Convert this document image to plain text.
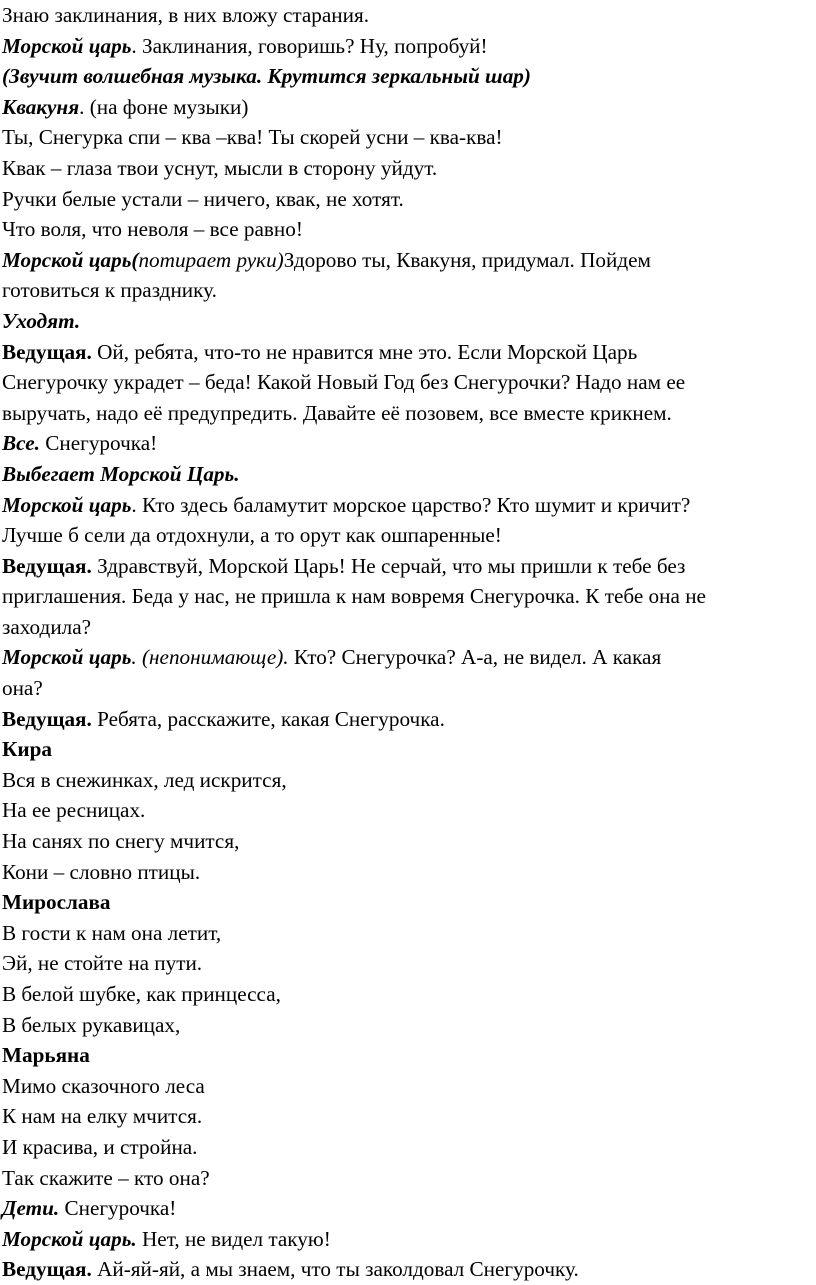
Знаю заклинания, в них вложу старания.
Морской царь. Заклинания, говоришь? Ну, попробуй!
(Звучит волшебная музыка. Крутится зеркальный шар)
Квакуня. (на фоне музыки)
Ты, Снегурка спи – ква –ква! Ты скорей усни – ква-ква!
Квак – глаза твои уснут, мысли в сторону уйдут.
Ручки белые устали – ничего, квак, не хотят.
Что воля, что неволя – все равно!
Морской царь(потирает руки)Здорово ты, Квакуня, придумал. Пойдем
готовиться к празднику.
Уходят.
Ведущая. Ой, ребята, что-то не нравится мне это. Если Морской Царь
Снегурочку украдет – беда! Какой Новый Год без Снегурочки? Надо нам ее
выручать, надо её предупредить. Давайте её позовем, все вместе крикнем.
Все. Снегурочка!
Выбегает Морской Царь.
Морской царь. Кто здесь баламутит морское царство? Кто шумит и кричит?
Лучше б сели да отдохнули, а то орут как ошпаренные!
Ведущая. Здравствуй, Морской Царь! Не серчай, что мы пришли к тебе без
приглашения. Беда у нас, не пришла к нам вовремя Снегурочка. К тебе она не
заходила?
Морской царь. (непонимающе). Кто? Снегурочка? А-а, не видел. А какая
она?
Ведущая. Ребята, расскажите, какая Снегурочка.
Кира
Вся в снежинках, лед искрится,
На ее ресницах.
На санях по снегу мчится,
Кони – словно птицы.
Мирослава
В гости к нам она летит,
Эй, не стойте на пути.
В белой шубке, как принцесса,
В белых рукавицах,
Марьяна
Мимо сказочного леса
К нам на елку мчится.
И красива, и стройна.
Так скажите – кто она?
Дети. Снегурочка!
Морской царь. Нет, не видел такую!
Ведущая. Ай-яй-яй, а мы знаем, что ты заколдовал Снегурочку.
